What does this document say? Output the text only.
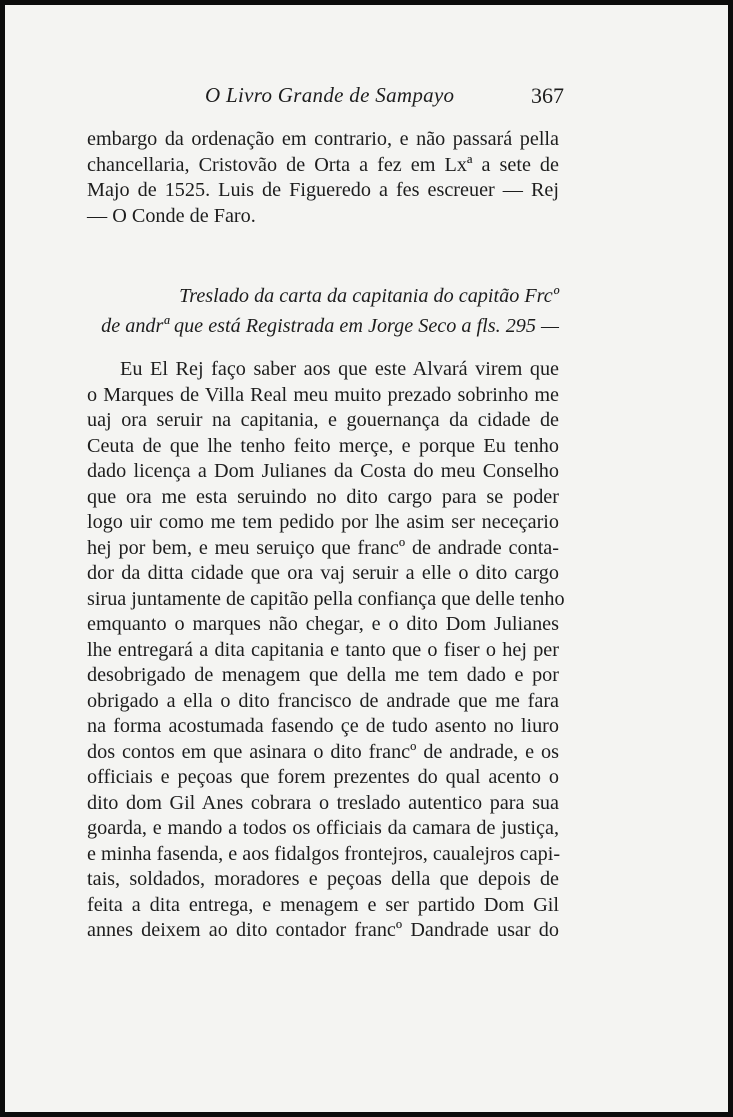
O Livro Grande de Sampayo	367
embargo da ordenação em contrario, e não passará pella
chancellaria, Cristovão de Orta a fez em Lxª a sete de
Majo de 1525. Luis de Figueredo a fes escreuer — Rej
— O Conde de Faro.
Treslado da carta da capitania do capitão Frcº
de andrª que está Registrada em Jorge Seco a fls. 295 —
Eu El Rej faço saber aos que este Alvará virem que
o Marques de Villa Real meu muito prezado sobrinho me
uaj ora seruir na capitania, e gouernança da cidade de
Ceuta de que lhe tenho feito merçe, e porque Eu tenho
dado licença a Dom Julianes da Costa do meu Conselho
que ora me esta seruindo no dito cargo para se poder
logo uir como me tem pedido por lhe asim ser neceçario
hej por bem, e meu seruiço que francº de andrade conta-
dor da ditta cidade que ora vaj seruir a elle o dito cargo
sirua juntamente de capitão pella confiança que delle tenho
emquanto o marques não chegar, e o dito Dom Julianes
lhe entregará a dita capitania e tanto que o fiser o hej per
desobrigado de menagem que della me tem dado e por
obrigado a ella o dito francisco de andrade que me fara
na forma acostumada fasendo çe de tudo asento no liuro
dos contos em que asinara o dito francº de andrade, e os
officiais e peçoas que forem prezentes do qual acento o
dito dom Gil Anes cobrara o treslado autentico para sua
goarda, e mando a todos os officiais da camara de justiça,
e minha fasenda, e aos fidalgos frontejros, caualejros capi-
tais, soldados, moradores e peçoas della que depois de
feita a dita entrega, e menagem e ser partido Dom Gil
annes deixem ao dito contador francº Dandrade usar do
